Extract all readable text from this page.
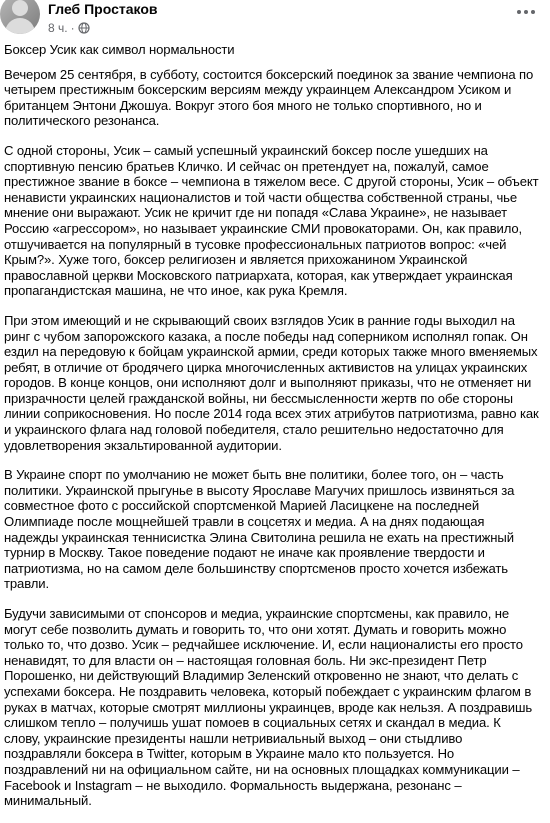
Глеб Простаков
8 ч. ·

Боксер Усик как символ нормальности

Вечером 25 сентября, в субботу, состоится боксерский поединок за звание чемпиона по четырем престижным боксерским версиям между украинцем Александром Усиком и британцем Энтони Джошуа. Вокруг этого боя много не только спортивного, но и политического резонанса.

С одной стороны, Усик – самый успешный украинский боксер после ушедших на спортивную пенсию братьев Кличко. И сейчас он претендует на, пожалуй, самое престижное звание в боксе – чемпиона в тяжелом весе. С другой стороны, Усик – объект ненависти украинских националистов и той части общества собственной страны, чье мнение они выражают. Усик не кричит где ни попадя «Слава Украине», не называет Россию «агрессором», но называет украинские СМИ провокаторами. Он, как правило, отшучивается на популярный в тусовке профессиональных патриотов вопрос: «чей Крым?». Хуже того, боксер религиозен и является прихожанином Украинской православной церкви Московского патриархата, которая, как утверждает украинская пропагандистская машина, не что иное, как рука Кремля.

При этом имеющий и не скрывающий своих взглядов Усик в ранние годы выходил на ринг с чубом запорожского казака, а после победы над соперником исполнял гопак. Он ездил на передовую к бойцам украинской армии, среди которых также много вменяемых ребят, в отличие от бродячего цирка многочисленных активистов на улицах украинских городов. В конце концов, они исполняют долг и выполняют приказы, что не отменяет ни призрачности целей гражданской войны, ни бессмысленности жертв по обе стороны линии соприкосновения. Но после 2014 года всех этих атрибутов патриотизма, равно как и украинского флага над головой победителя, стало решительно недостаточно для удовлетворения экзальтированной аудитории.

В Украине спорт по умолчанию не может быть вне политики, более того, он – часть политики. Украинской прыгунье в высоту Ярославе Магучих пришлось извиняться за совместное фото с российской спортсменкой Марией Ласицкене на последней Олимпиаде после мощнейшей травли в соцсетях и медиа. А на днях подающая надежды украинская теннисистка Элина Свитолина решила не ехать на престижный турнир в Москву. Такое поведение подают не иначе как проявление твердости и патриотизма, но на самом деле большинству спортсменов просто хочется избежать травли.

Будучи зависимыми от спонсоров и медиа, украинские спортсмены, как правило, не могут себе позволить думать и говорить то, что они хотят. Думать и говорить можно только то, что дозво. Усик – редчайшее исключение. И, если националисты его просто ненавидят, то для власти он – настоящая головная боль. Ни экс-президент Петр Порошенко, ни действующий Владимир Зеленский откровенно не знают, что делать с успехами боксера. Не поздравить человека, который побеждает с украинским флагом в руках в матчах, которые смотрят миллионы украинцев, вроде как нельзя. А поздравишь слишком тепло – получишь ушат помоев в социальных сетях и скандал в медиа. К слову, украинские президенты нашли нетривиальный выход – они стыдливо поздравляли боксера в Twitter, которым в Украине мало кто пользуется. Но поздравлений ни на официальном сайте, ни на основных площадках коммуникации – Facebook и Instagram – не выходило. Формальность выдержана, резонанс – минимальный.
